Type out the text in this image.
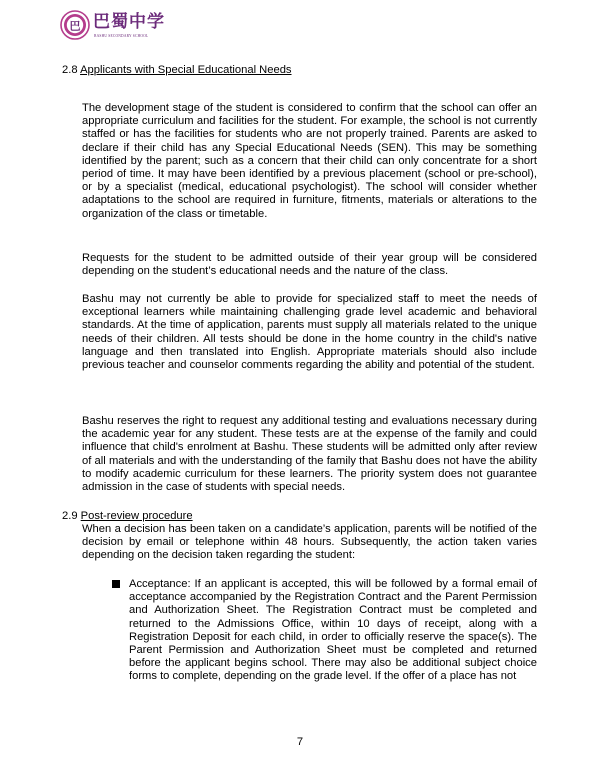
巴 巴蜀中学
BASHU SECONDARY SCHOOL
2.8 Applicants with Special Educational Needs

The development stage of the student is considered to confirm that the school can offer an appropriate curriculum and facilities for the student. For example, the school is not currently staffed or has the facilities for students who are not properly trained. Parents are asked to declare if their child has any Special Educational Needs (SEN). This may be something identified by the parent; such as a concern that their child can only concentrate for a short period of time. It may have been identified by a previous placement (school or pre-school), or by a specialist (medical, educational psychologist). The school will consider whether adaptations to the school are required in furniture, fitments, materials or alterations to the organization of the class or timetable.

Requests for the student to be admitted outside of their year group will be considered depending on the student’s educational needs and the nature of the class.

Bashu may not currently be able to provide for specialized staff to meet the needs of exceptional learners while maintaining challenging grade level academic and behavioral standards. At the time of application, parents must supply all materials related to the unique needs of their children. All tests should be done in the home country in the child's native language and then translated into English. Appropriate materials should also include previous teacher and counselor comments regarding the ability and potential of the student.

Bashu reserves the right to request any additional testing and evaluations necessary during the academic year for any student. These tests are at the expense of the family and could influence that child's enrolment at Bashu. These students will be admitted only after review of all materials and with the understanding of the family that Bashu does not have the ability to modify academic curriculum for these learners. The priority system does not guarantee admission in the case of students with special needs.

2.9 Post-review procedure

When a decision has been taken on a candidate’s application, parents will be notified of the decision by email or telephone within 48 hours. Subsequently, the action taken varies depending on the decision taken regarding the student:

Acceptance: If an applicant is accepted, this will be followed by a formal email of acceptance accompanied by the Registration Contract and the Parent Permission and Authorization Sheet. The Registration Contract must be completed and returned to the Admissions Office, within 10 days of receipt, along with a Registration Deposit for each child, in order to officially reserve the space(s). The Parent Permission and Authorization Sheet must be completed and returned before the applicant begins school. There may also be additional subject choice forms to complete, depending on the grade level. If the offer of a place has not

7
